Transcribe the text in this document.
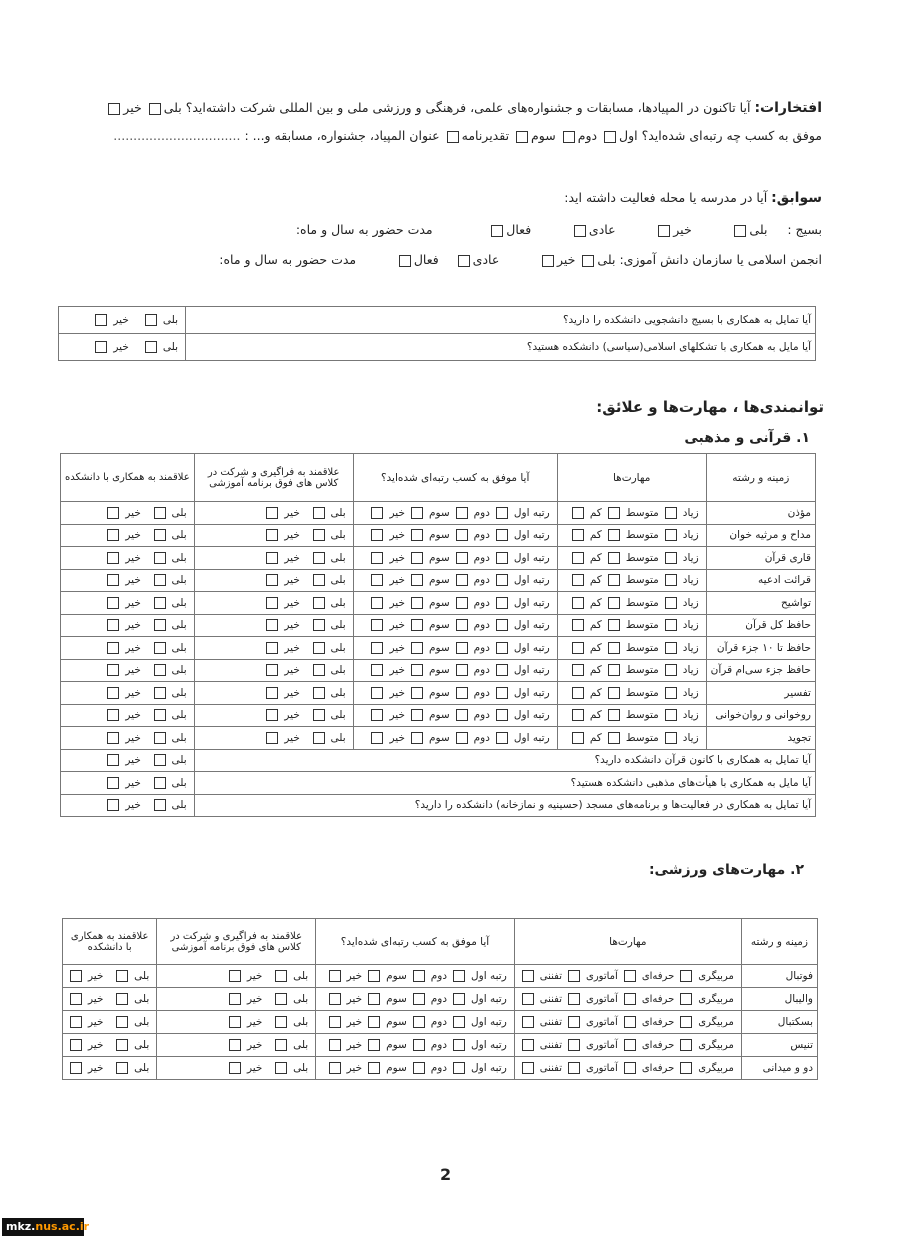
افتخارات: آیا تاکنون در المپیادها، مسابقات و جشنواره‌های علمی، فرهنگی و ورزشی ملی و بین المللی شرکت داشته‌اید؟ بلی خیر
موفق به کسب چه رتبه‌ای شده‌اید؟ اول دوم سوم تقدیرنامه عنوان المپیاد، جشنواره، مسابقه و... : ................................
سوابق: آیا در مدرسه یا محله فعالیت داشته اید:
بسیج :     بلی          خیر          عادی          فعال              مدت حضور به سال و ماه:
انجمن اسلامی یا سازمان دانش آموزی: بلی خیر          عادی    فعال          مدت حضور به سال و ماه:
آیا تمایل به همکاری با بسیج دانشجویی دانشکده را دارید؟	بلی   خیر
آیا مایل به همکاری با تشکلهای اسلامی(سیاسی) دانشکده هستید؟	بلی   خیر
توانمندی‌ها ، مهارت‌ها و علائق:
۱. قرآنی و مذهبی
زمینه و رشته	مهارت‌ها	آیا موفق به کسب رتبه‌ای شده‌اید؟	علاقمند به فراگیری و شرکت در کلاس های فوق برنامه آموزشی	علاقمند به همکاری با دانشکده
مؤذن	زیادمتوسطکم	رتبه اولدومسومخیر	بلی  خیر	بلی  خیر
مداح و مرثیه خوان	زیادمتوسطکم	رتبه اولدومسومخیر	بلی  خیر	بلی  خیر
قاری قرآن	زیادمتوسطکم	رتبه اولدومسومخیر	بلی  خیر	بلی  خیر
قرائت ادعیه	زیادمتوسطکم	رتبه اولدومسومخیر	بلی  خیر	بلی  خیر
تواشیح	زیادمتوسطکم	رتبه اولدومسومخیر	بلی  خیر	بلی  خیر
حافظ کل قرآن	زیادمتوسطکم	رتبه اولدومسومخیر	بلی  خیر	بلی  خیر
حافظ تا ۱۰ جزء قرآن	زیادمتوسطکم	رتبه اولدومسومخیر	بلی  خیر	بلی  خیر
حافظ جزء سی‌ام قرآن	زیادمتوسطکم	رتبه اولدومسومخیر	بلی  خیر	بلی  خیر
تفسیر	زیادمتوسطکم	رتبه اولدومسومخیر	بلی  خیر	بلی  خیر
روخوانی و روان‌خوانی	زیادمتوسطکم	رتبه اولدومسومخیر	بلی  خیر	بلی  خیر
تجوید	زیادمتوسطکم	رتبه اولدومسومخیر	بلی  خیر	بلی  خیر
آیا تمایل به همکاری با کانون قرآن دانشکده دارید؟				بلی  خیر
آیا مایل به همکاری با هیأت‌های مذهبی دانشکده هستید؟				بلی  خیر
آیا تمایل به همکاری در فعالیت‌ها و برنامه‌های مسجد (حسینیه و نمازخانه) دانشکده را دارید؟				بلی  خیر
۲. مهارت‌های ورزشی:
زمینه و رشته	مهارت‌ها	آیا موفق به کسب رتبه‌ای شده‌اید؟	علاقمند به فراگیری و شرکت در کلاس های فوق برنامه آموزشی	علاقمند به همکاری با دانشکده
فوتبال	مربیگریحرفه‌ایآماتوریتفننی	رتبه اولدومسومخیر	بلی  خیر	بلی  خیر
والیبال	مربیگریحرفه‌ایآماتوریتفننی	رتبه اولدومسومخیر	بلی  خیر	بلی  خیر
بسکتبال	مربیگریحرفه‌ایآماتوریتفننی	رتبه اولدومسومخیر	بلی  خیر	بلی  خیر
تنیس	مربیگریحرفه‌ایآماتوریتفننی	رتبه اولدومسومخیر	بلی  خیر	بلی  خیر
دو و میدانی	مربیگریحرفه‌ایآماتوریتفننی	رتبه اولدومسومخیر	بلی  خیر	بلی  خیر
2
mkz.nus.ac.ir
